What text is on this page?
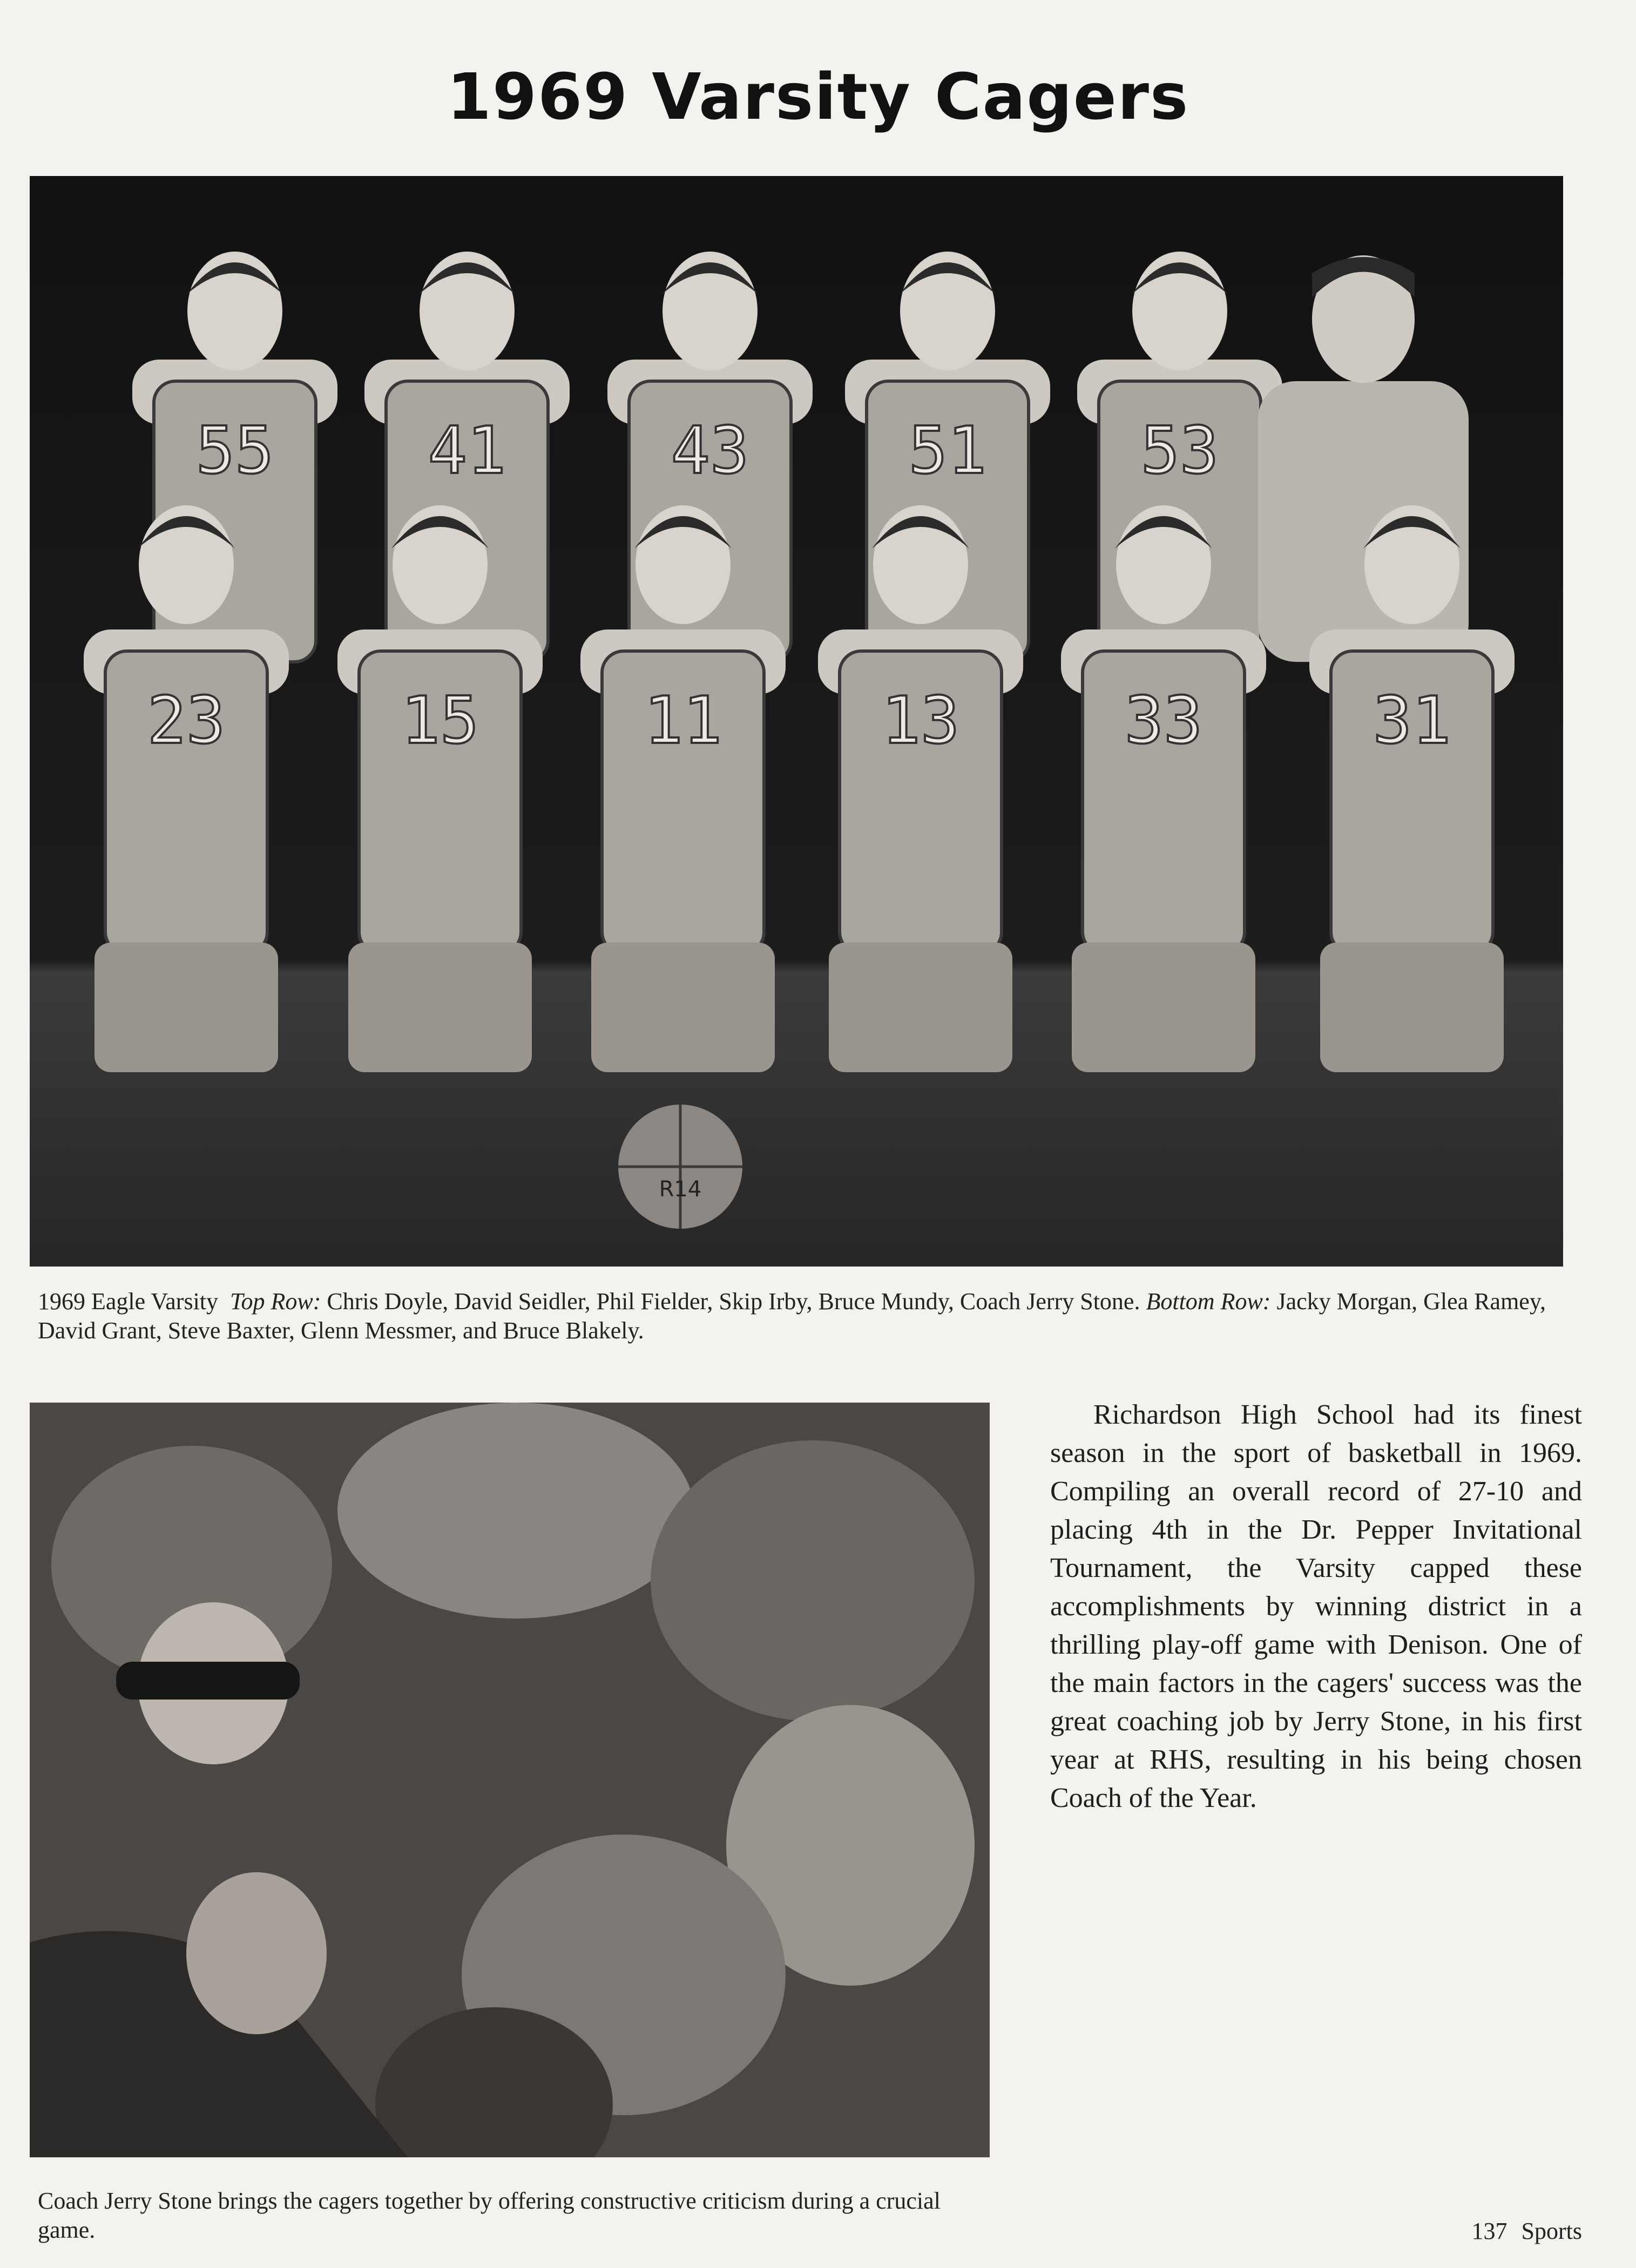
1969 Varsity Cagers
55 41	43 51 53
23	15	11 13	33	31
R14
1969 Eagle Varsity Top Row: Chris Doyle, David Seidler, Phil Fielder, Skip Irby, Bruce Mundy, Coach Jerry Stone. Bottom Row: Jacky Morgan, Glea Ramey, David Grant, Steve Baxter, Glenn Messmer, and Bruce Blakely.
Coach Jerry Stone brings the cagers together by offering constructive criticism during a crucial game.
Richardson High School had its finest season in the sport of basketball in 1969. Compiling an overall record of 27-10 and placing 4th in the Dr. Pepper Invitational Tournament, the Varsity capped these accomplishments by winning district in a thrilling play-off game with Denison. One of the main factors in the cagers' success was the great coaching job by Jerry Stone, in his first year at RHS, resulting in his being chosen Coach of the Year.
137 Sports
